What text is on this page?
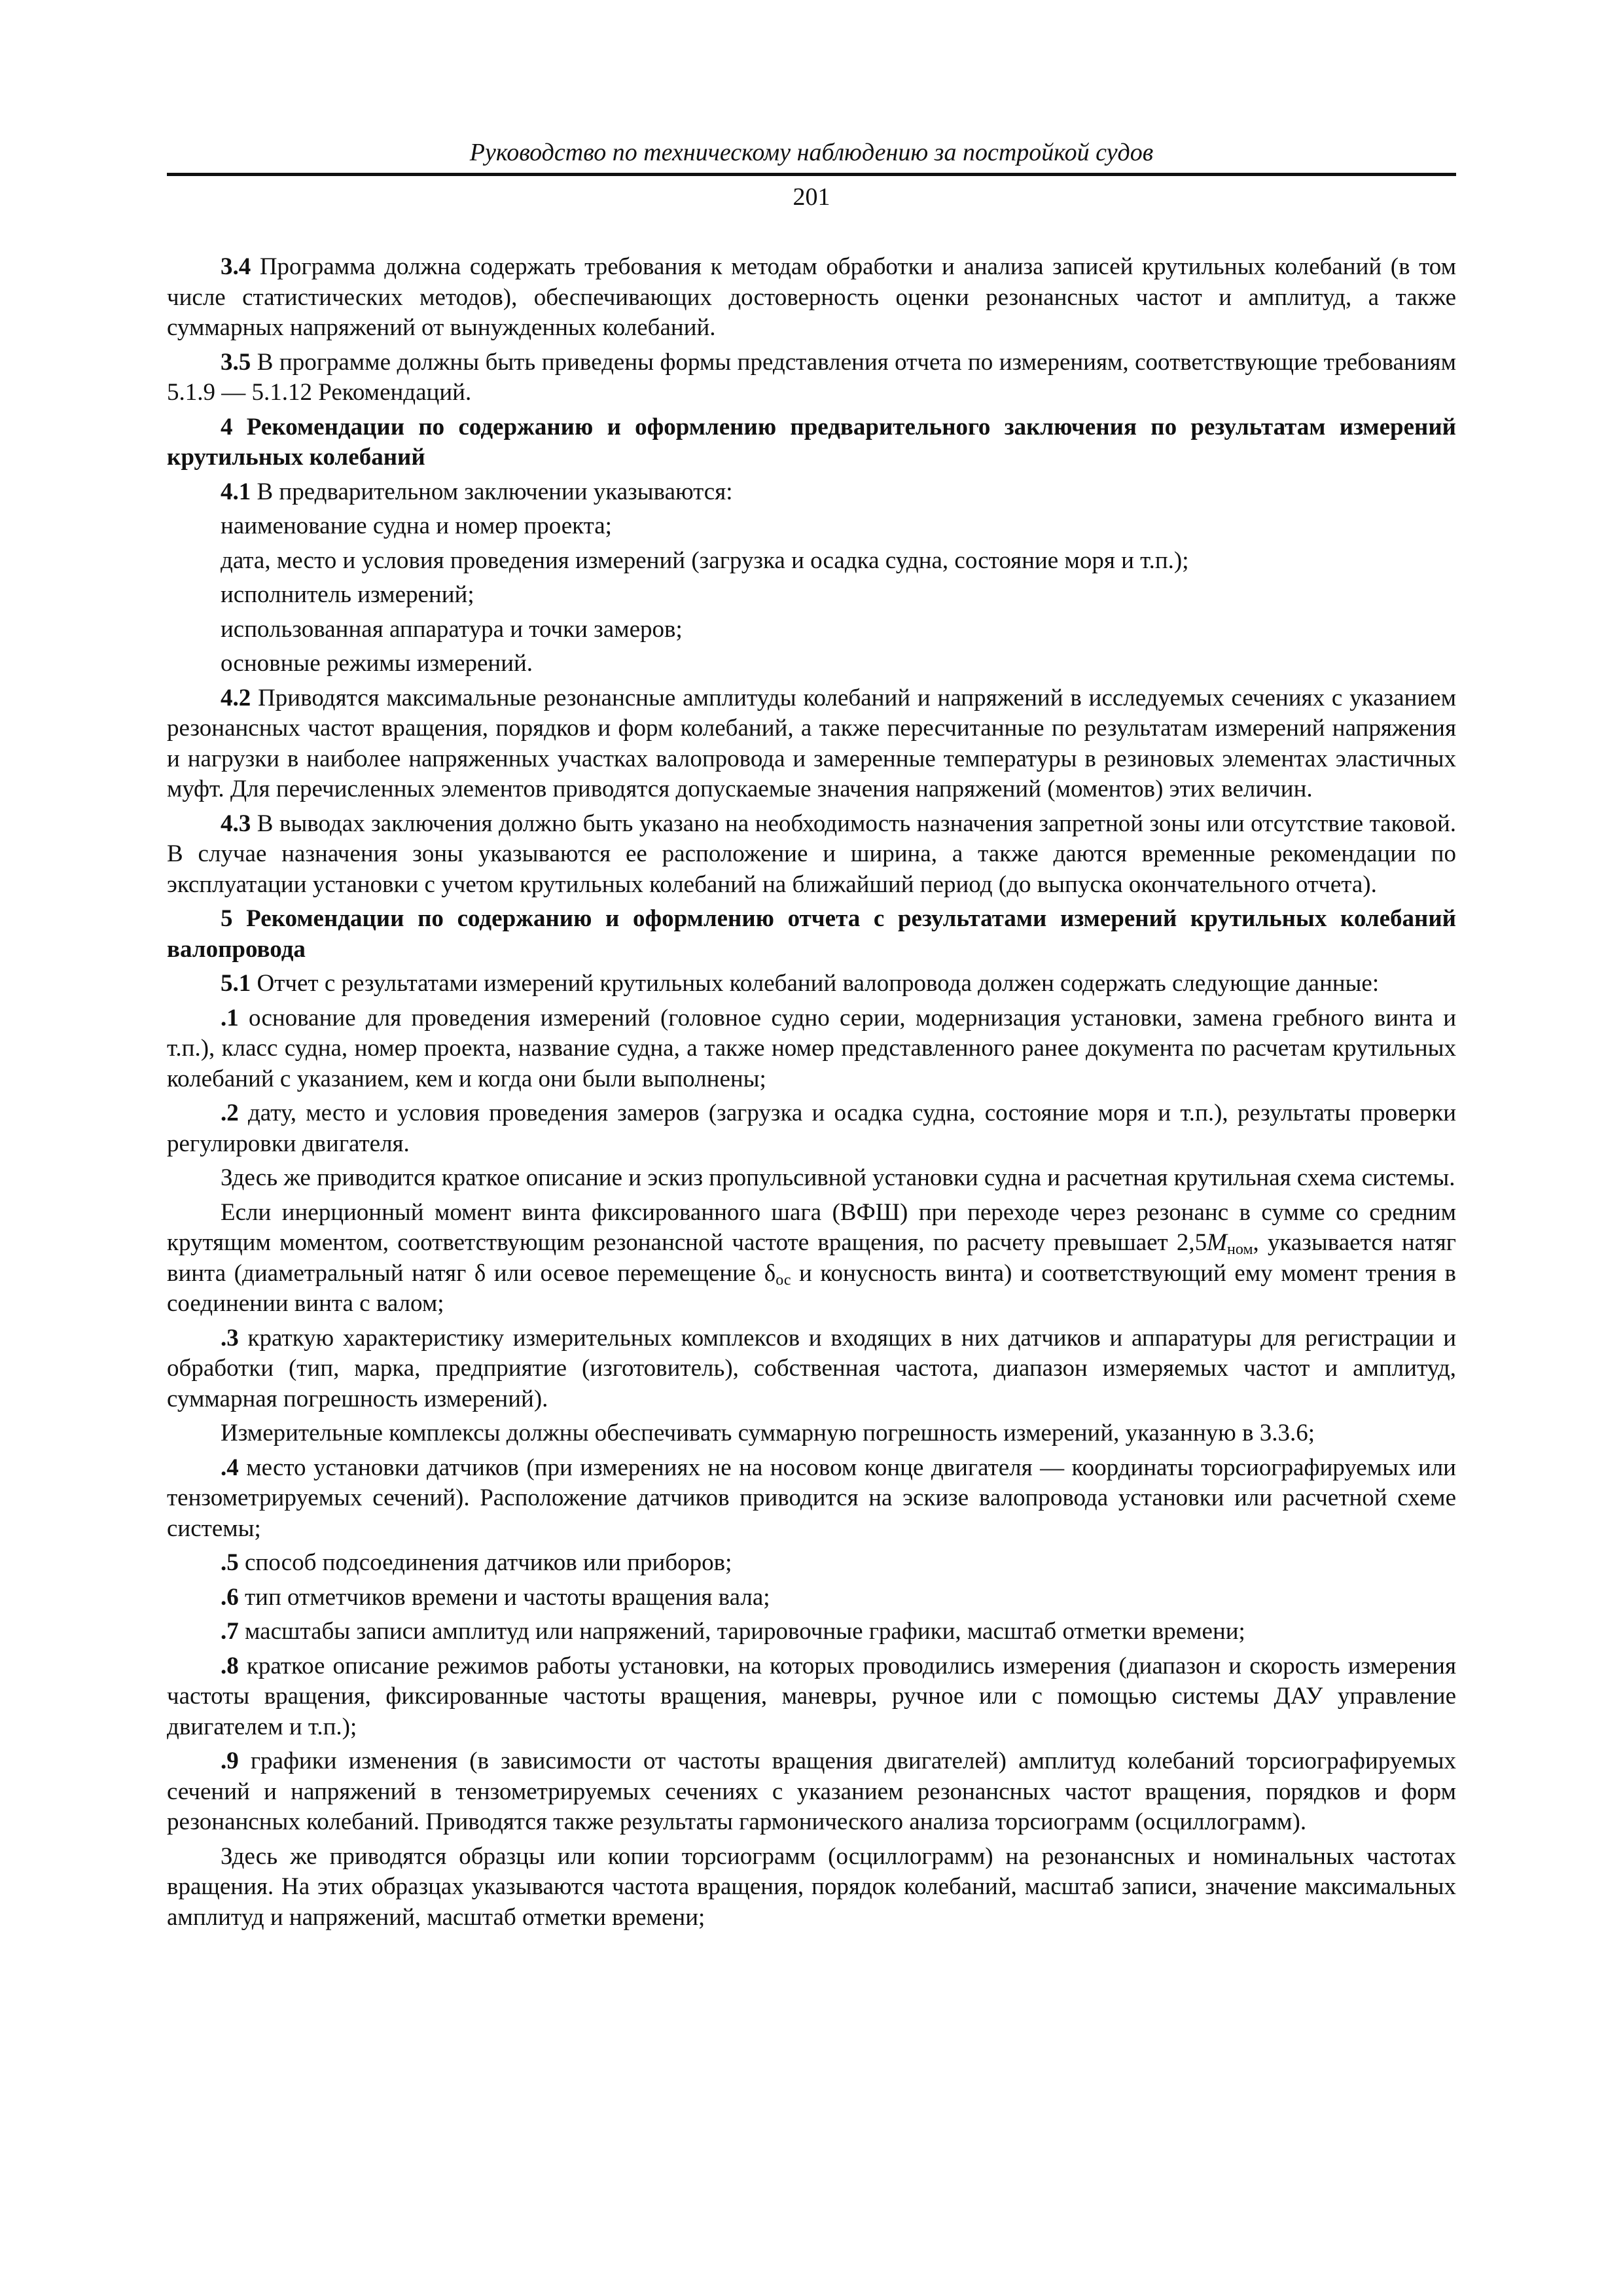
Руководство по техническому наблюдению за постройкой судов
201

3.4 Программа должна содержать требования к методам обработки и анализа записей крутильных колебаний (в том числе статистических методов), обеспечивающих достоверность оценки резонансных частот и амплитуд, а также суммарных напряжений от вынужденных колебаний.

3.5 В программе должны быть приведены формы представления отчета по измерениям, соответствующие требованиям 5.1.9 — 5.1.12 Рекомендаций.

4 Рекомендации по содержанию и оформлению предварительного заключения по результатам измерений крутильных колебаний

4.1 В предварительном заключении указываются:

наименование судна и номер проекта;

дата, место и условия проведения измерений (загрузка и осадка судна, состояние моря и т.п.);

исполнитель измерений;

использованная аппаратура и точки замеров;

основные режимы измерений.

4.2 Приводятся максимальные резонансные амплитуды колебаний и напряжений в исследуемых сечениях с указанием резонансных частот вращения, порядков и форм колебаний, а также пересчитанные по результатам измерений напряжения и нагрузки в наиболее напряженных участках валопровода и замеренные температуры в резиновых элементах эластичных муфт. Для перечисленных элементов приводятся допускаемые значения напряжений (моментов) этих величин.

4.3 В выводах заключения должно быть указано на необходимость назначения запретной зоны или отсутствие таковой. В случае назначения зоны указываются ее расположение и ширина, а также даются временные рекомендации по эксплуатации установки с учетом крутильных колебаний на ближайший период (до выпуска окончательного отчета).

5 Рекомендации по содержанию и оформлению отчета с результатами измерений крутильных колебаний валопровода

5.1 Отчет с результатами измерений крутильных колебаний валопровода должен содержать следующие данные:

.1 основание для проведения измерений (головное судно серии, модернизация установки, замена гребного винта и т.п.), класс судна, номер проекта, название судна, а также номер представленного ранее документа по расчетам крутильных колебаний с указанием, кем и когда они были выполнены;

.2 дату, место и условия проведения замеров (загрузка и осадка судна, состояние моря и т.п.), результаты проверки регулировки двигателя.

Здесь же приводится краткое описание и эскиз пропульсивной установки судна и расчетная крутильная схема системы.

Если инерционный момент винта фиксированного шага (ВФШ) при переходе через резонанс в сумме со средним крутящим моментом, соответствующим резонансной частоте вращения, по расчету превышает $2,5M_{ном}$, указывается натяг винта (диаметральный натяг δ или осевое перемещение $\delta_{ос}$ и конусность винта) и соответствующий ему момент трения в соединении винта с валом;

.3 краткую характеристику измерительных комплексов и входящих в них датчиков и аппаратуры для регистрации и обработки (тип, марка, предприятие (изготовитель), собственная частота, диапазон измеряемых частот и амплитуд, суммарная погрешность измерений).

Измерительные комплексы должны обеспечивать суммарную погрешность измерений, указанную в 3.3.6;

.4 место установки датчиков (при измерениях не на носовом конце двигателя — координаты торсиографируемых или тензометрируемых сечений). Расположение датчиков приводится на эскизе валопровода установки или расчетной схеме системы;

.5 способ подсоединения датчиков или приборов;

.6 тип отметчиков времени и частоты вращения вала;

.7 масштабы записи амплитуд или напряжений, тарировочные графики, масштаб отметки времени;

.8 краткое описание режимов работы установки, на которых проводились измерения (диапазон и скорость измерения частоты вращения, фиксированные частоты вращения, маневры, ручное или с помощью системы ДАУ управление двигателем и т.п.);

.9 графики изменения (в зависимости от частоты вращения двигателей) амплитуд колебаний торсиографируемых сечений и напряжений в тензометрируемых сечениях с указанием резонансных частот вращения, порядков и форм резонансных колебаний. Приводятся также результаты гармонического анализа торсиограмм (осциллограмм).

Здесь же приводятся образцы или копии торсиограмм (осциллограмм) на резонансных и номинальных частотах вращения. На этих образцах указываются частота вращения, порядок колебаний, масштаб записи, значение максимальных амплитуд и напряжений, масштаб отметки времени;
